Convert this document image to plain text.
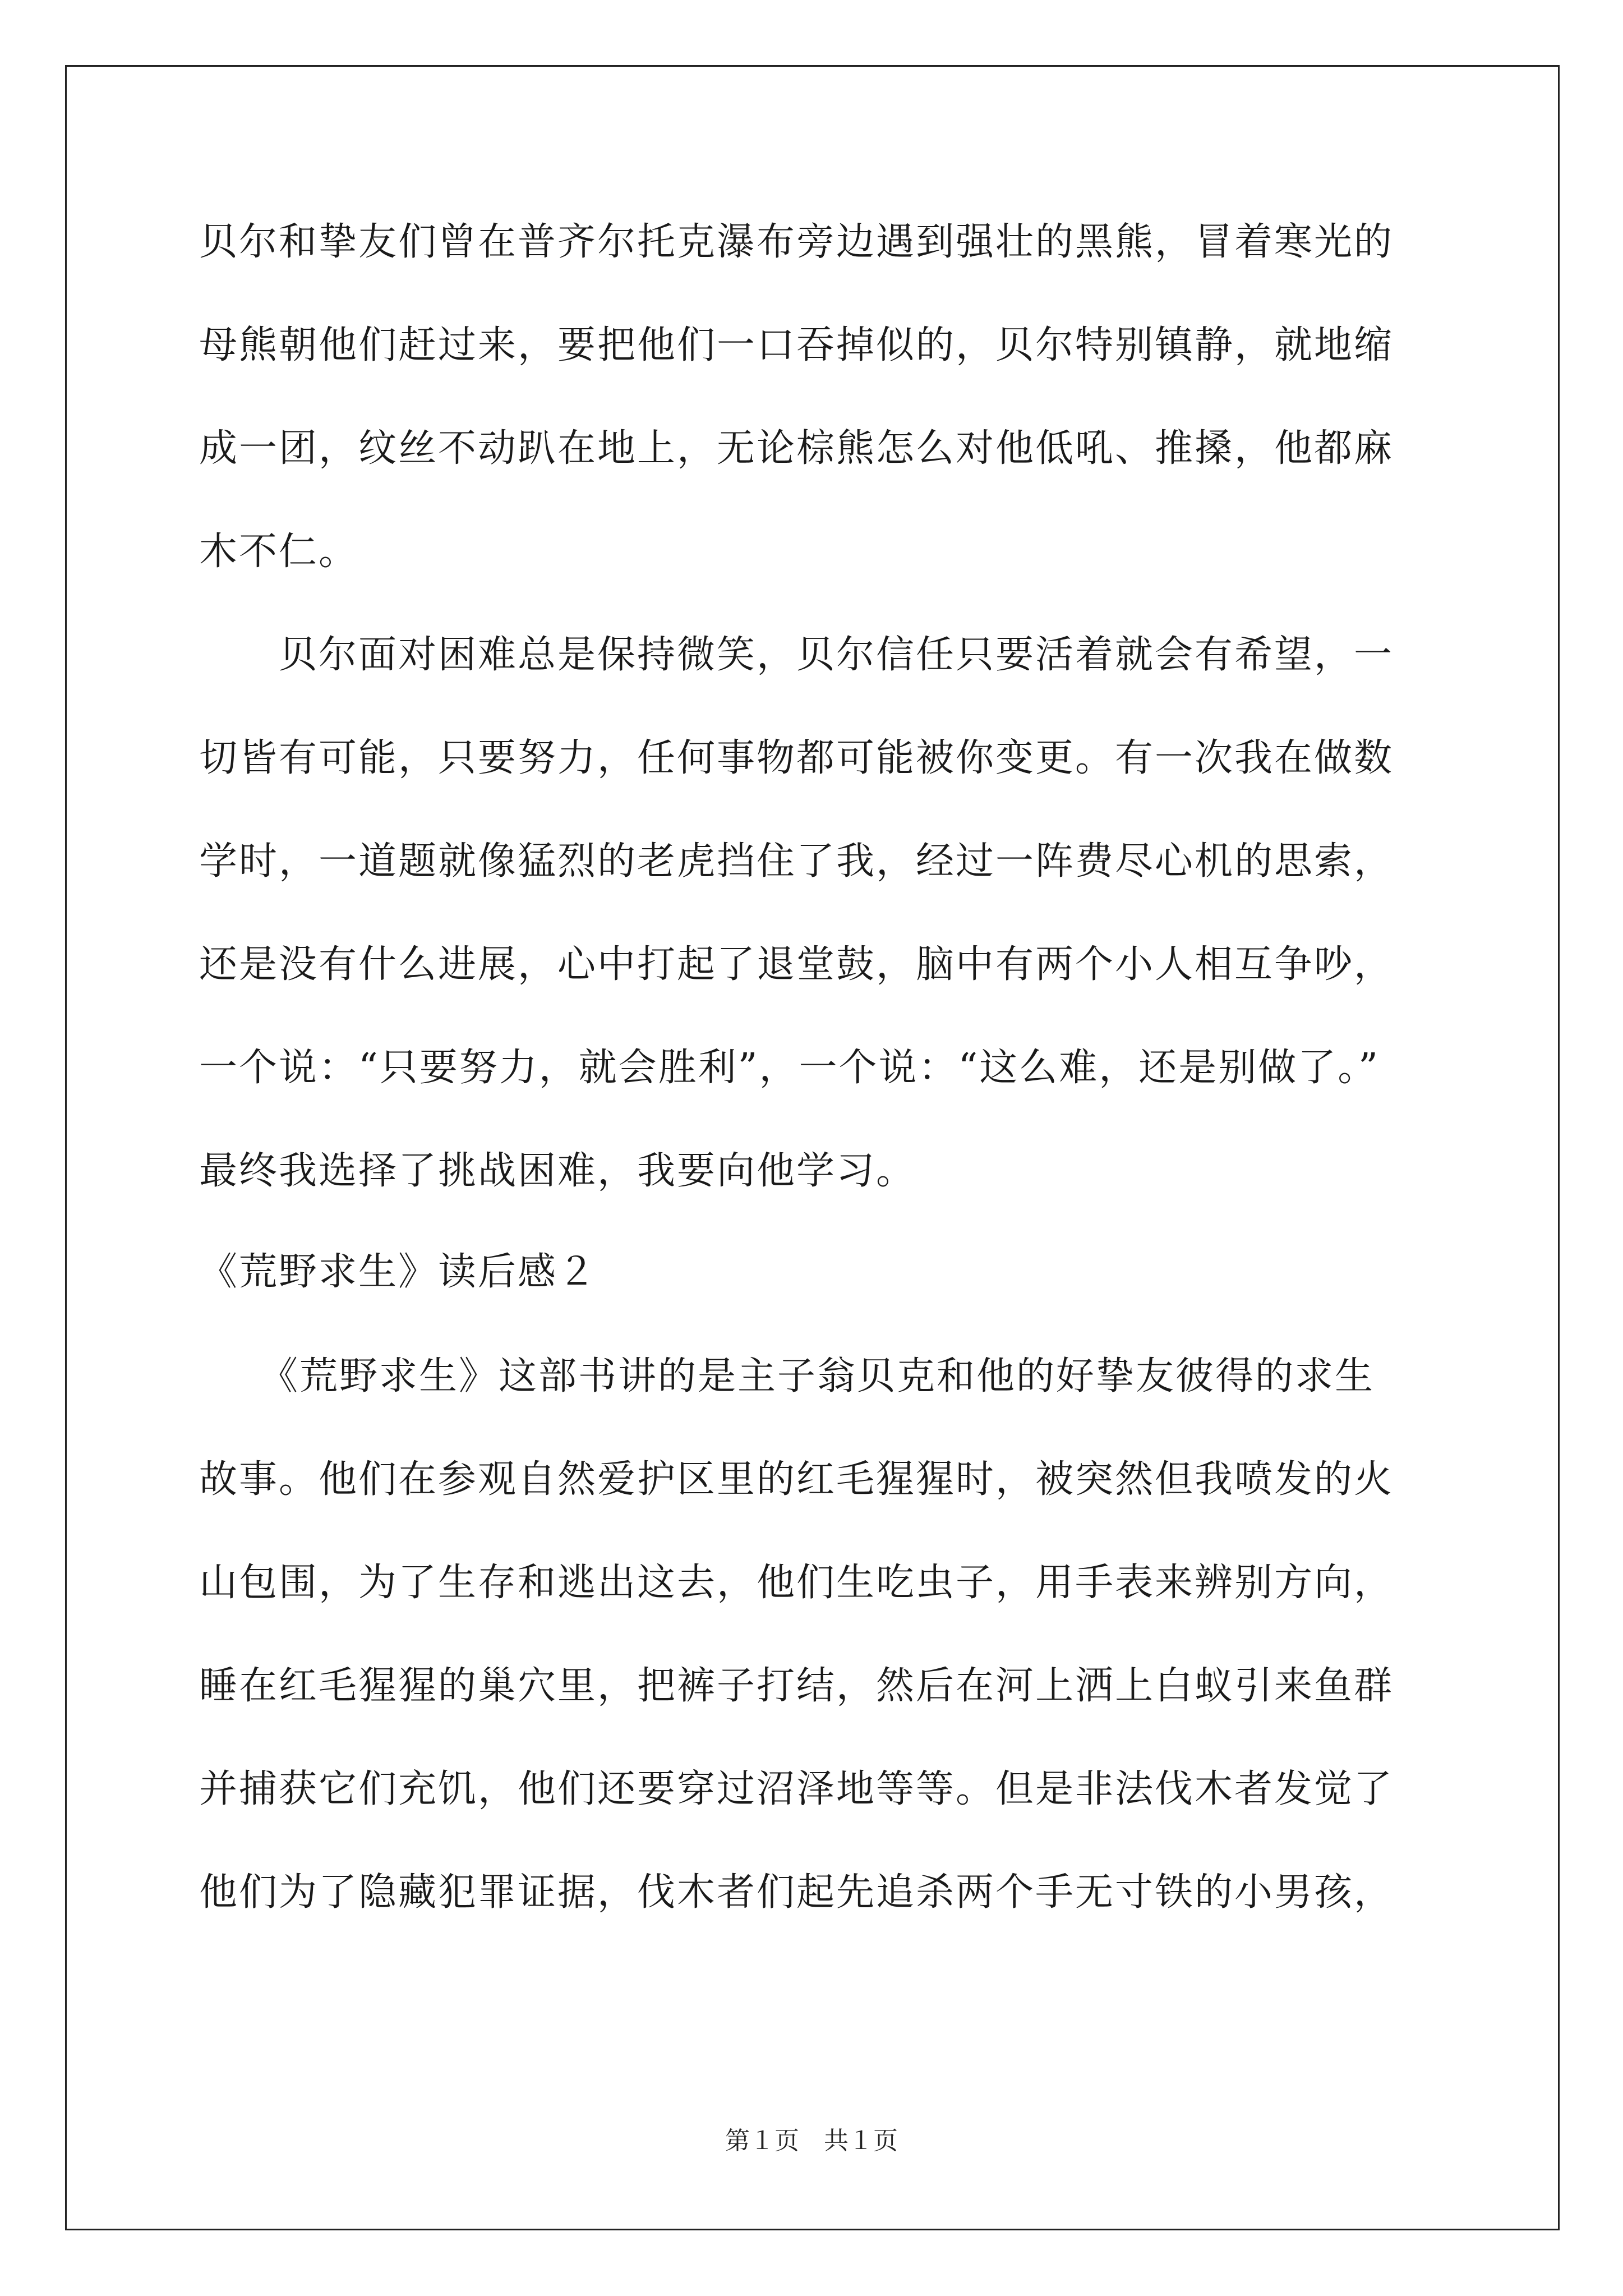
贝尔和挚友们曾在普齐尔托克瀑布旁边遇到强壮的黑熊，冒着寒光的
母熊朝他们赶过来，要把他们一口吞掉似的，贝尔特别镇静，就地缩
成一团，纹丝不动趴在地上，无论棕熊怎么对他低吼、推搡，他都麻
木不仁。
　　贝尔面对困难总是保持微笑，贝尔信任只要活着就会有希望，一
切皆有可能，只要努力，任何事物都可能被你变更。有一次我在做数
学时，一道题就像猛烈的老虎挡住了我，经过一阵费尽心机的思索，
还是没有什么进展，心中打起了退堂鼓，脑中有两个小人相互争吵，
一个说：“只要努力，就会胜利”，一个说：“这么难，还是别做了。”
最终我选择了挑战困难，我要向他学习。
《荒野求生》读后感２
　　《荒野求生》这部书讲的是主子翁贝克和他的好挚友彼得的求生
故事。他们在参观自然爱护区里的红毛猩猩时，被突然但我喷发的火
山包围，为了生存和逃出这去，他们生吃虫子，用手表来辨别方向，
睡在红毛猩猩的巢穴里，把裤子打结，然后在河上洒上白蚁引来鱼群
并捕获它们充饥，他们还要穿过沼泽地等等。但是非法伐木者发觉了
他们为了隐藏犯罪证据，伐木者们起先追杀两个手无寸铁的小男孩，
第１页　共１页
